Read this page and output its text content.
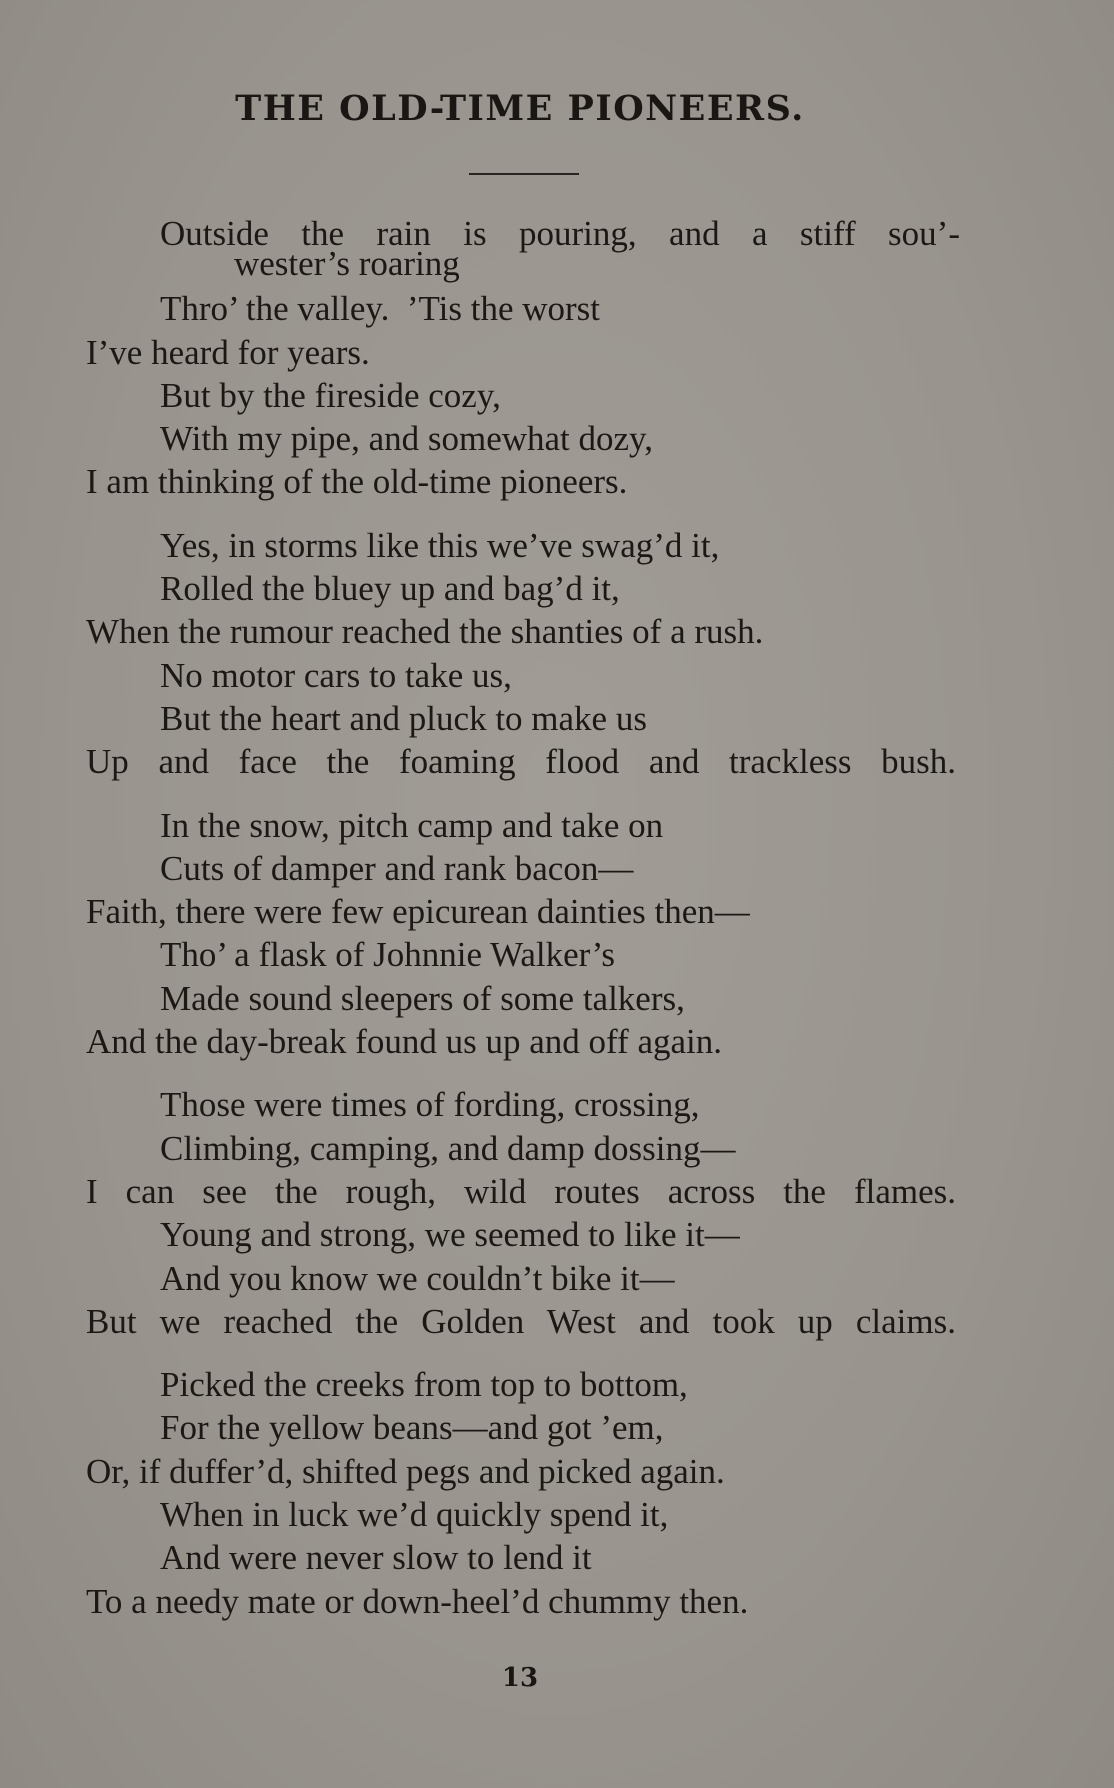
THE OLD-TIME PIONEERS.
Outside the rain is pouring, and a stiff sou’-
wester’s roaring
Thro’ the valley.  ’Tis the worst
I’ve heard for years.
But by the fireside cozy,
With my pipe, and somewhat dozy,
I am thinking of the old-time pioneers.
Yes, in storms like this we’ve swag’d it,
Rolled the bluey up and bag’d it,
When the rumour reached the shanties of a rush.
No motor cars to take us,
But the heart and pluck to make us
Up and face the foaming flood and trackless bush.
In the snow, pitch camp and take on
Cuts of damper and rank bacon—
Faith, there were few epicurean dainties then—
Tho’ a flask of Johnnie Walker’s
Made sound sleepers of some talkers,
And the day-break found us up and off again.
Those were times of fording, crossing,
Climbing, camping, and damp dossing—
I can see the rough, wild routes across the flames.
Young and strong, we seemed to like it—
And you know we couldn’t bike it—
But we reached the Golden West and took up claims.
Picked the creeks from top to bottom,
For the yellow beans—and got ’em,
Or, if duffer’d, shifted pegs and picked again.
When in luck we’d quickly spend it,
And were never slow to lend it
To a needy mate or down-heel’d chummy then.
13
